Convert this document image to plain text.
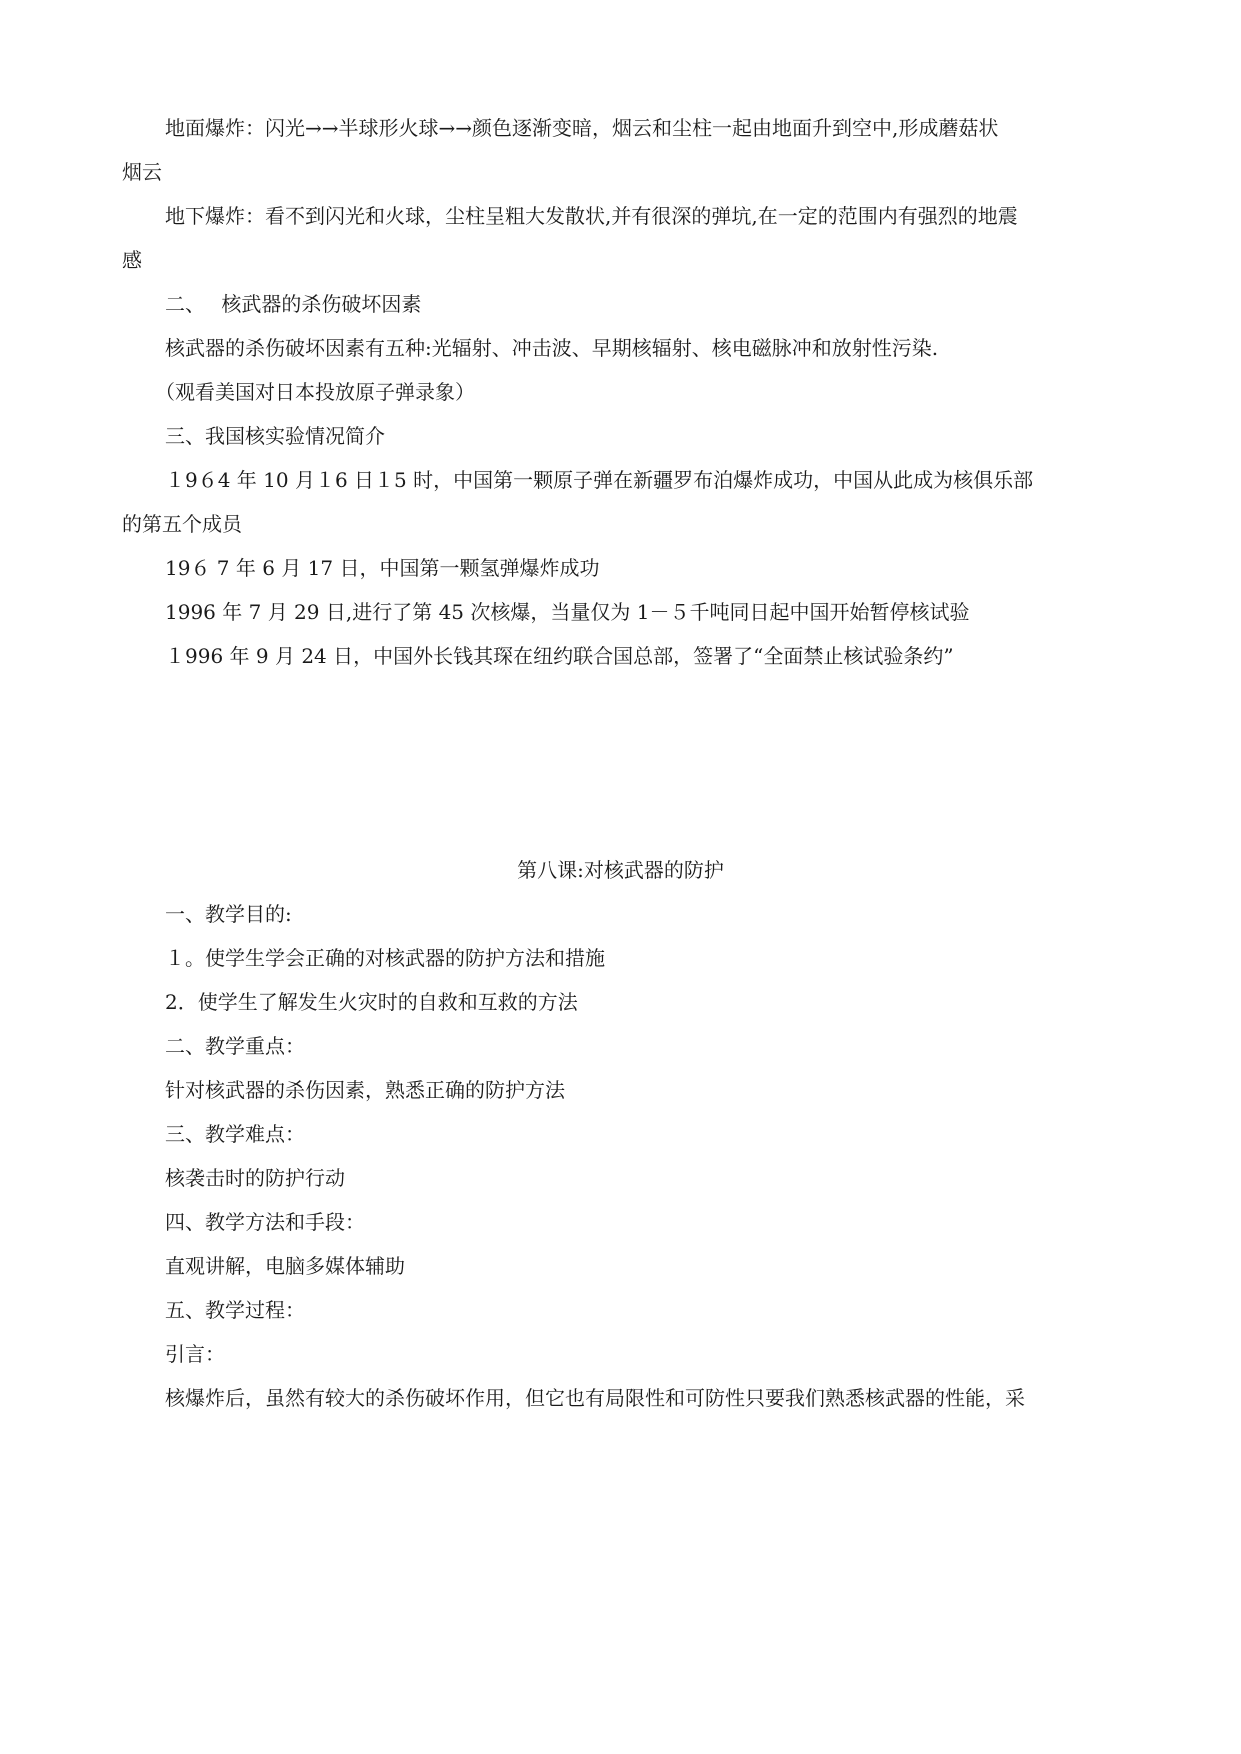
地面爆炸：闪光→→半球形火球→→颜色逐渐变暗，烟云和尘柱一起由地面升到空中,形成蘑菇状
烟云
地下爆炸：看不到闪光和火球，尘柱呈粗大发散状,并有很深的弹坑,在一定的范围内有强烈的地震
感
二、　 核武器的杀伤破坏因素
核武器的杀伤破坏因素有五种:光辐射、冲击波、早期核辐射、核电磁脉冲和放射性污染.
（观看美国对日本投放原子弹录象）
三、我国核实验情况简介
１9６4 年 10 月１6 日１5 时，中国第一颗原子弹在新疆罗布泊爆炸成功，中国从此成为核俱乐部
的第五个成员
19６ 7 年 6 月 17 日，中国第一颗氢弹爆炸成功
1996 年 7 月 29 日,进行了第 45 次核爆，当量仅为 1－５千吨同日起中国开始暂停核试验
１996 年 9 月 24 日，中国外长钱其琛在纽约联合国总部，签署了“全面禁止核试验条约”
第八课:对核武器的防护
一、教学目的:
１。使学生学会正确的对核武器的防护方法和措施
2．使学生了解发生火灾时的自救和互救的方法
二、教学重点：
针对核武器的杀伤因素，熟悉正确的防护方法
三、教学难点：
核袭击时的防护行动
四、教学方法和手段：
直观讲解，电脑多媒体辅助
五、教学过程：
引言：
核爆炸后，虽然有较大的杀伤破坏作用，但它也有局限性和可防性只要我们熟悉核武器的性能，采
